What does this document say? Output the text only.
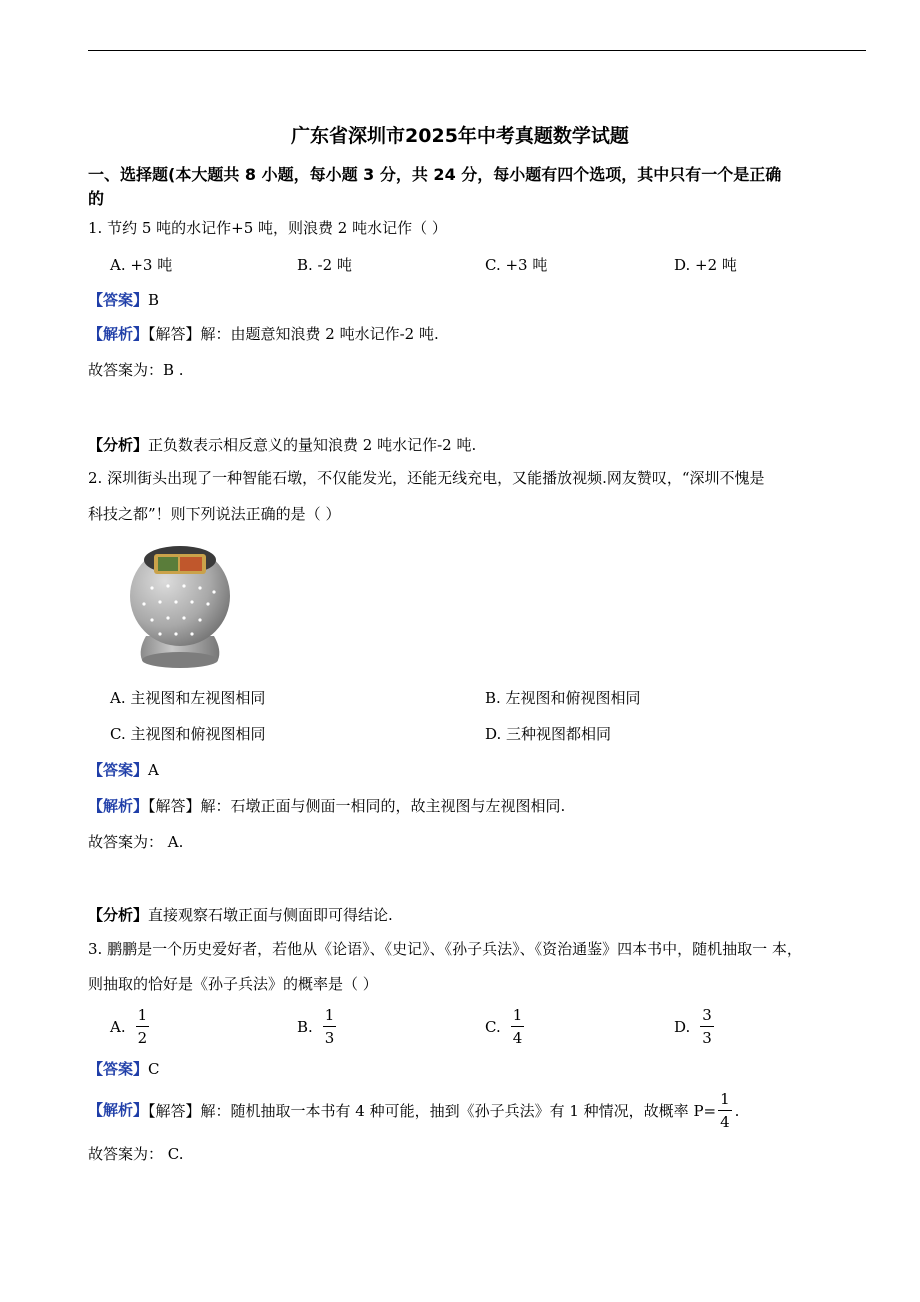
广东省深圳市2025年中考真题数学试题
一、选择题(本大题共 8 小题，每小题 3 分，共 24 分，每小题有四个选项，其中只有一个是正确
的
1. 节约 5 吨的水记作+5 吨，则浪费 2 吨水记作（ ）
A. +3 吨	B. -2 吨	C. +3 吨	D. +2 吨
【答案】B
【解析】【解答】解：由题意知浪费 2 吨水记作-2 吨.
故答案为：B .
【分析】正负数表示相反意义的量知浪费 2 吨水记作-2 吨.
2. 深圳街头出现了一种智能石墩，不仅能发光，还能无线充电，又能播放视频.网友赞叹，“深圳不愧是
科技之都”！则下列说法正确的是（ ）
A. 主视图和左视图相同	B. 左视图和俯视图相同
C. 主视图和俯视图相同	D. 三种视图都相同
【答案】A
【解析】【解答】解：石墩正面与侧面一相同的，故主视图与左视图相同.
故答案为： A.
【分析】直接观察石墩正面与侧面即可得结论.
3. 鹏鹏是一个历史爱好者，若他从《论语》、《史记》、《孙子兵法》、《资治通鉴》四本书中，随机抽取一 本，
则抽取的恰好是《孙子兵法》的概率是（ ）
A. $\frac{1}{2}$	B. $\frac{1}{3}$	C. $\frac{1}{4}$	D. $\frac{3}{3}$
【答案】C
【解析】【解答】解：随机抽取一本书有 4 种可能，抽到《孙子兵法》有 1 种情况，故概率 $P= \frac{1}{4}$ .
故答案为： C.
